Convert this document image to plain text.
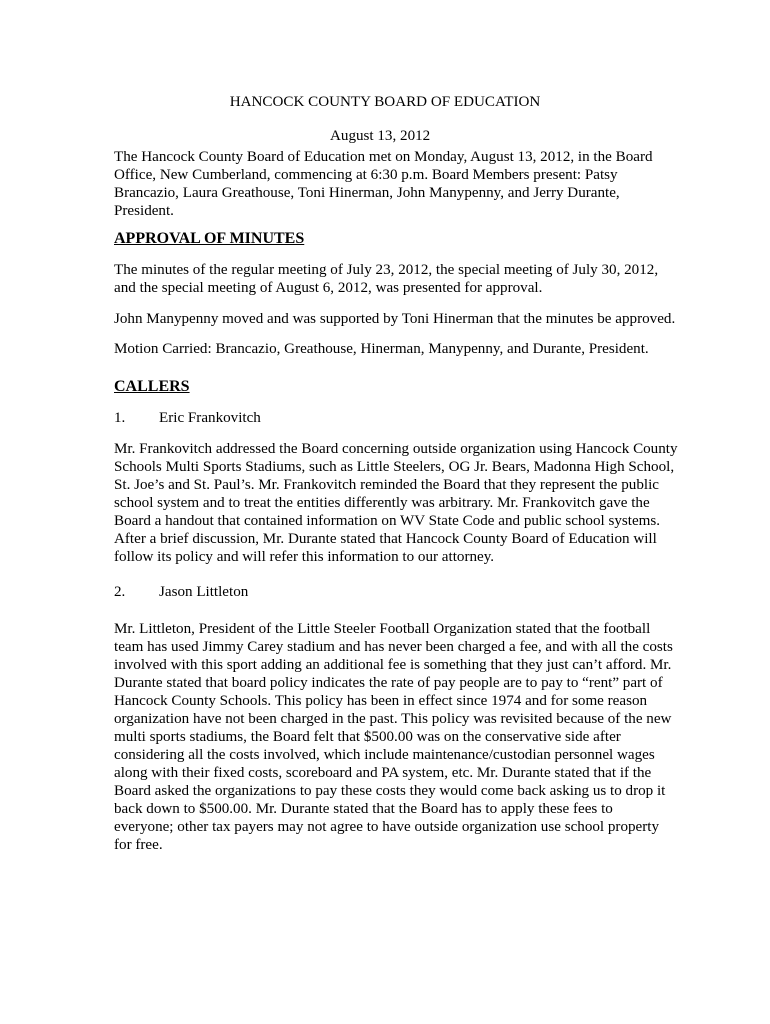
HANCOCK COUNTY BOARD OF EDUCATION
August 13, 2012
The Hancock County Board of Education met on Monday, August 13, 2012, in the Board
Office, New Cumberland, commencing at 6:30 p.m. Board Members present: Patsy
Brancazio, Laura Greathouse, Toni Hinerman, John Manypenny, and Jerry Durante,
President.
APPROVAL OF MINUTES
The minutes of the regular meeting of July 23, 2012, the special meeting of July 30, 2012,
and the special meeting of August 6, 2012, was presented for approval.
John Manypenny moved and was supported by Toni Hinerman that the minutes be approved.
Motion Carried: Brancazio, Greathouse, Hinerman, Manypenny, and Durante, President.
CALLERS
1. Eric Frankovitch
Mr. Frankovitch addressed the Board concerning outside organization using Hancock County
Schools Multi Sports Stadiums, such as Little Steelers, OG Jr. Bears, Madonna High School,
St. Joe’s and St. Paul’s. Mr. Frankovitch reminded the Board that they represent the public
school system and to treat the entities differently was arbitrary. Mr. Frankovitch gave the
Board a handout that contained information on WV State Code and public school systems.
After a brief discussion, Mr. Durante stated that Hancock County Board of Education will
follow its policy and will refer this information to our attorney.
2. Jason Littleton
Mr. Littleton, President of the Little Steeler Football Organization stated that the football
team has used Jimmy Carey stadium and has never been charged a fee, and with all the costs
involved with this sport adding an additional fee is something that they just can’t afford. Mr.
Durante stated that board policy indicates the rate of pay people are to pay to “rent” part of
Hancock County Schools. This policy has been in effect since 1974 and for some reason
organization have not been charged in the past. This policy was revisited because of the new
multi sports stadiums, the Board felt that $500.00 was on the conservative side after
considering all the costs involved, which include maintenance/custodian personnel wages
along with their fixed costs, scoreboard and PA system, etc. Mr. Durante stated that if the
Board asked the organizations to pay these costs they would come back asking us to drop it
back down to $500.00. Mr. Durante stated that the Board has to apply these fees to
everyone; other tax payers may not agree to have outside organization use school property
for free.
